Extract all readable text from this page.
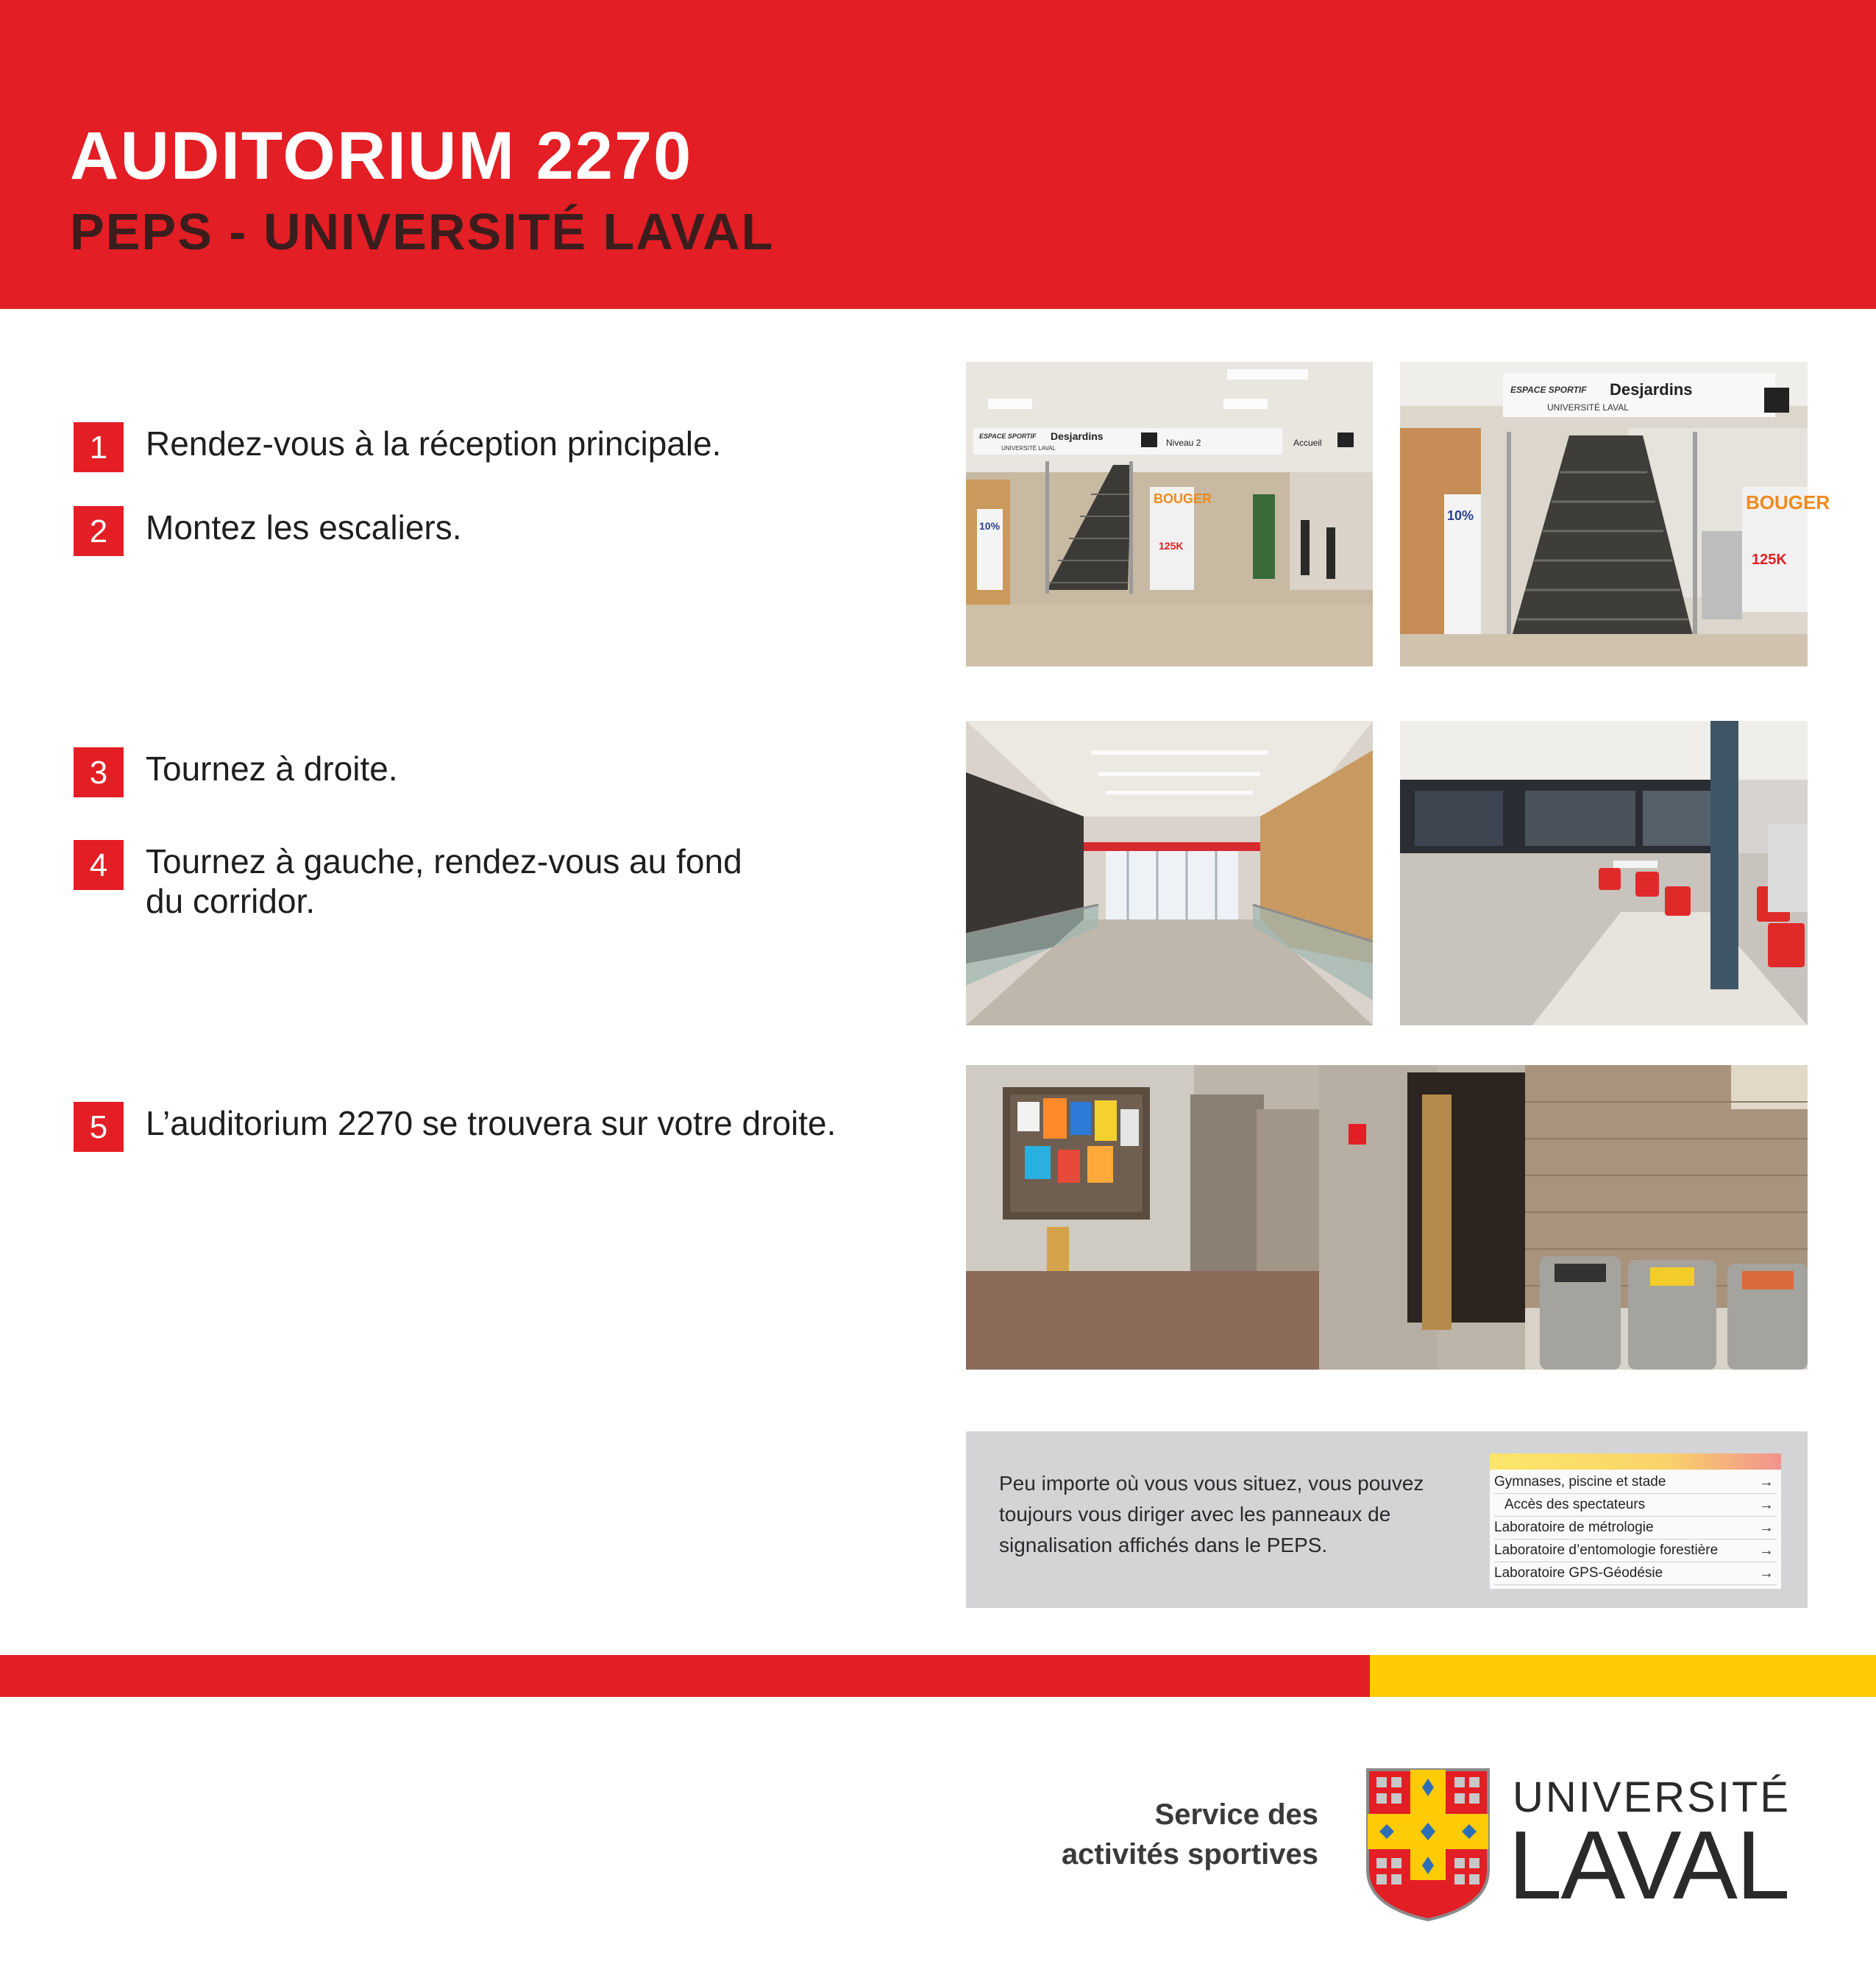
AUDITORIUM 2270
PEPS - UNIVERSITÉ LAVAL
1	Rendez-vous à la réception principale.
2	Montez les escaliers.
3	Tournez à droite.
4	Tournez à gauche, rendez-vous au fond
du corridor.
5	L’auditorium 2270 se trouvera sur votre droite.
ESPACE SPORTIF Desjardins
UNIVERSITÉ LAVAL
Niveau 2	Accueil
BOUGER
125K
10%
ESPACE SPORTIF Desjardins
UNIVERSITÉ LAVAL
10%
BOUGER
125K
Peu importe où vous vous situez, vous pouvez toujours vous diriger avec les panneaux de signalisation affichés dans le PEPS.
Gymnases, piscine et stade	→
Accès des spectateurs	→
Laboratoire de métrologie	→
Laboratoire d’entomologie forestière	→
Laboratoire GPS-Géodésie	→
Service des
activités sportives
UNIVERSITÉ
LAVAL
